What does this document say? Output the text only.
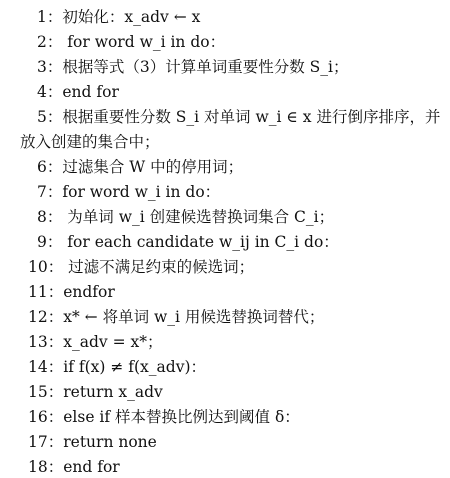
1：初始化：x_adv ← x
2： for word w_i in do：
3：根据等式（3）计算单词重要性分数 S_i；
4：end for
5：根据重要性分数 S_i 对单词 w_i ∈ x 进行倒序排序，并
放入创建的集合中；
6：过滤集合 W 中的停用词；
7：for word w_i in do：
8： 为单词 w_i 创建候选替换词集合 C_i；
9： for each candidate w_ij in C_i do：
10： 过滤不满足约束的候选词；
11：endfor
12：x* ← 将单词 w_i 用候选替换词替代；
13：x_adv = x*；
14：if f(x) ≠ f(x_adv)：
15：return x_adv
16：else if 样本替换比例达到阈值 δ：
17：return none
18：end for
